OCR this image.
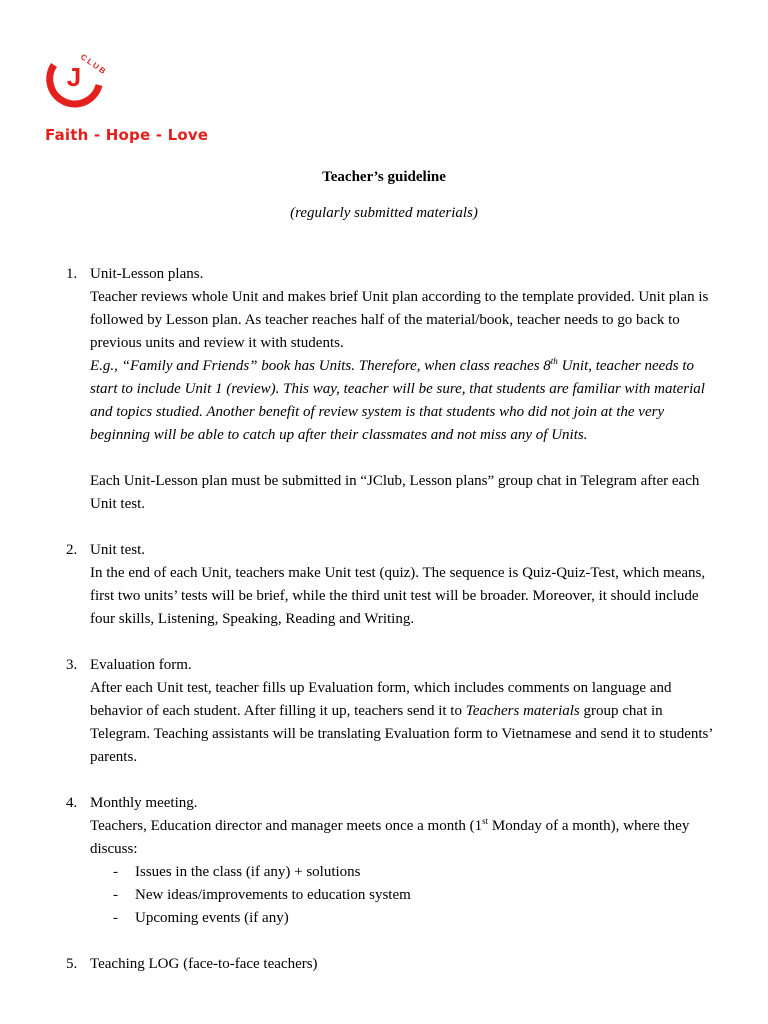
J
CLUB
Faith - Hope - Love
Teacher’s guideline
(regularly submitted materials)
1. Unit-Lesson plans.
Teacher reviews whole Unit and makes brief Unit plan according to the template provided. Unit plan is
followed by Lesson plan. As teacher reaches half of the material/book, teacher needs to go back to
previous units and review it with students.
E.g., “Family and Friends” book has Units. Therefore, when class reaches 8th Unit, teacher needs to
start to include Unit 1 (review). This way, teacher will be sure, that students are familiar with material
and topics studied. Another benefit of review system is that students who did not join at the very
beginning will be able to catch up after their classmates and not miss any of Units.

Each Unit-Lesson plan must be submitted in “JClub, Lesson plans” group chat in Telegram after each
Unit test.
2. Unit test.
In the end of each Unit, teachers make Unit test (quiz). The sequence is Quiz-Quiz-Test, which means,
first two units’ tests will be brief, while the third unit test will be broader. Moreover, it should include
four skills, Listening, Speaking, Reading and Writing.
3. Evaluation form.
After each Unit test, teacher fills up Evaluation form, which includes comments on language and
behavior of each student. After filling it up, teachers send it to Teachers materials group chat in
Telegram. Teaching assistants will be translating Evaluation form to Vietnamese and send it to students’
parents.
4. Monthly meeting.
Teachers, Education director and manager meets once a month (1st Monday of a month), where they
discuss:
- Issues in the class (if any) + solutions
- New ideas/improvements to education system
- Upcoming events (if any)
5. Teaching LOG (face-to-face teachers)
